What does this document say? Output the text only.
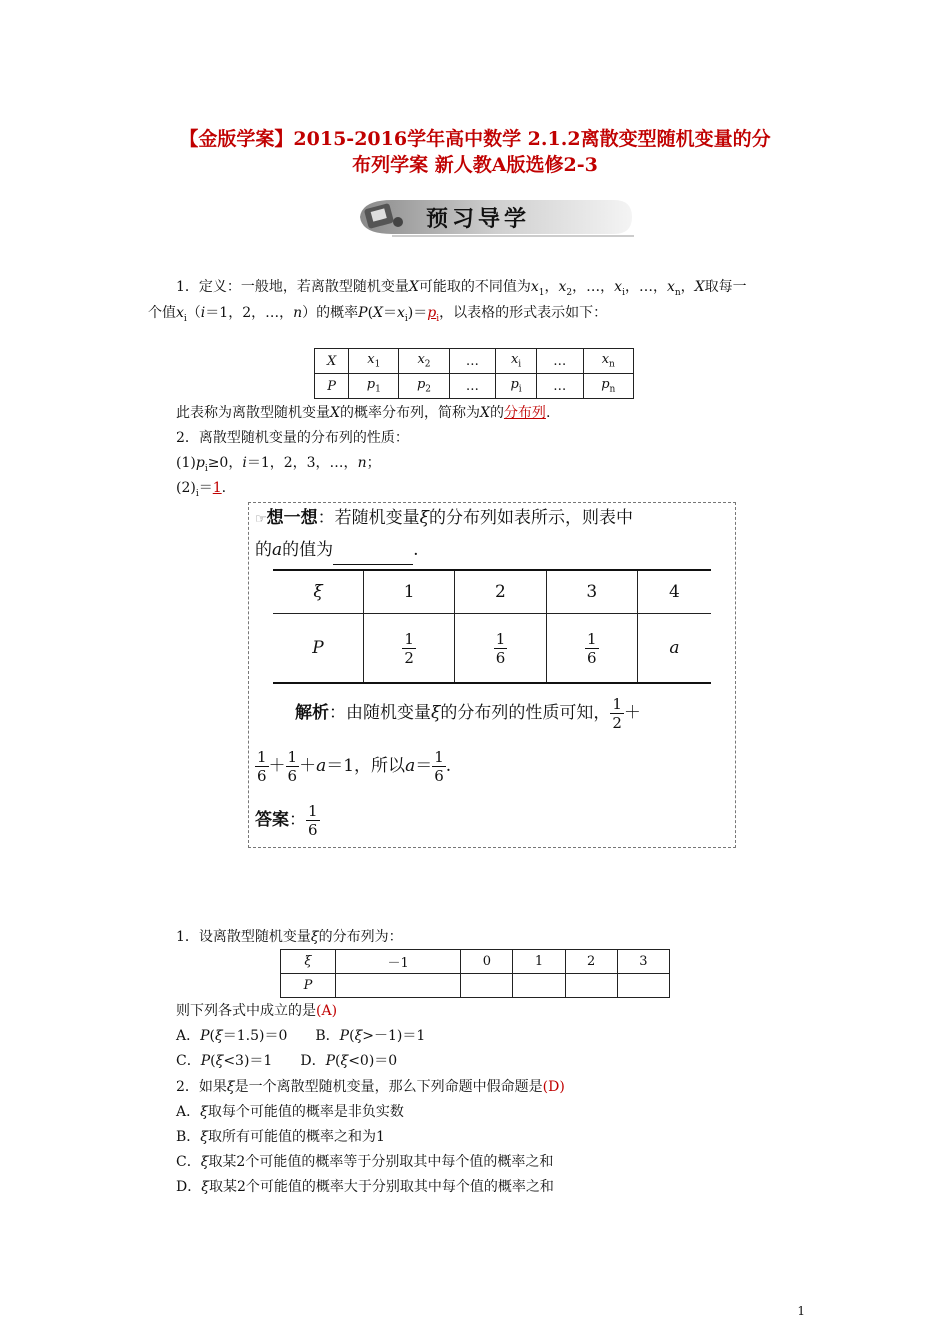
【金版学案】2015-2016学年高中数学 2.1.2离散变型随机变量的分
布列学案 新人教A版选修2-3
预习导学
1．定义：一般地，若离散型随机变量X可能取的不同值为$x_1$，$x_2$，…，$x_i$，…，$x_n$，X取每一
个值$x_i(i=1$，2，…，n）的概率$P(X=x_i)=p_i$，以表格的形式表示如下：
X	$x_1$	$x_2$	…	$x_i$	…	$x_n$
P	$p_1$	$p_2$	…	$p_i$	…	$p_n$
此表称为离散型随机变量X的概率分布列，简称为X的分布列.
2．离散型随机变量的分布列的性质：
$(1)p_i\ge 0$，i＝1，2，3，…，n；
$(2)_i=1$.
☞想一想：若随机变量ξ的分布列如表所示，则表中
的a的值为	.
ξ	1	2	3	4
P	$\frac{1}{2}$	$\frac{1}{6}$	$\frac{1}{6}$	a
解析：由随机变量ξ的分布列的性质可知， $\frac{1}{2}$ ＋
$\frac{1}{6} + \frac{1}{6} +a=1$，所以$a= \frac{1}{6}$ .
答案： $\frac{1}{6}$
1．设离散型随机变量ξ的分布列为：
ξ	－1	0	1	2	3
P					
则下列各式中成立的是(A)
A．P(ξ＝1.5)＝0 B．P(ξ>－1)＝1
C．P(ξ<3)＝1 D．P(ξ<0)＝0
2．如果ξ是一个离散型随机变量，那么下列命题中假命题是(D)
A．ξ取每个可能值的概率是非负实数
B．ξ取所有可能值的概率之和为1
C．ξ取某2个可能值的概率等于分别取其中每个值的概率之和
D．ξ取某2个可能值的概率大于分别取其中每个值的概率之和
1
